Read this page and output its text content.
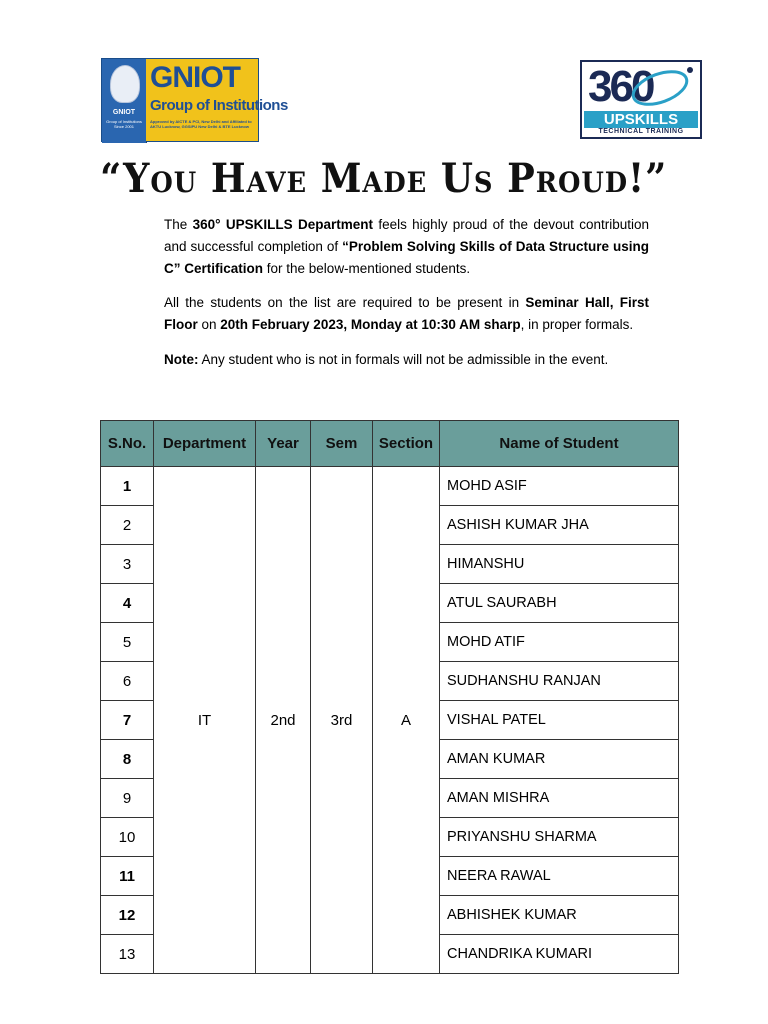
GNIOT
Group of Institutions Since 2001
GNIOT
Group of Institutions
Approved by AICTE & PCI, New Delhi and Affiliated to AKTU Lucknow, GGSIPU New Delhi & BTE Lucknow
360
UPSKILLS
TECHNICAL TRAINING
“You Have Made Us Proud!”
The 360° UPSKILLS Department feels highly proud of the devout contribution and successful completion of “Problem Solving Skills of Data Structure using C” Certification for the below-mentioned students.
All the students on the list are required to be present in Seminar Hall, First Floor on 20th February 2023, Monday at 10:30 AM sharp, in proper formals.
Note: Any student who is not in formals will not be admissible in the event.
S.No.	Department	Year	Sem	Section	Name of Student
1	IT	2nd	3rd	A	MOHD ASIF
2					ASHISH KUMAR JHA
3					HIMANSHU
4					ATUL SAURABH
5					MOHD ATIF
6					SUDHANSHU RANJAN
7					VISHAL PATEL
8					AMAN KUMAR
9					AMAN MISHRA
10					PRIYANSHU SHARMA
11					NEERA RAWAL
12					ABHISHEK KUMAR
13					CHANDRIKA KUMARI
